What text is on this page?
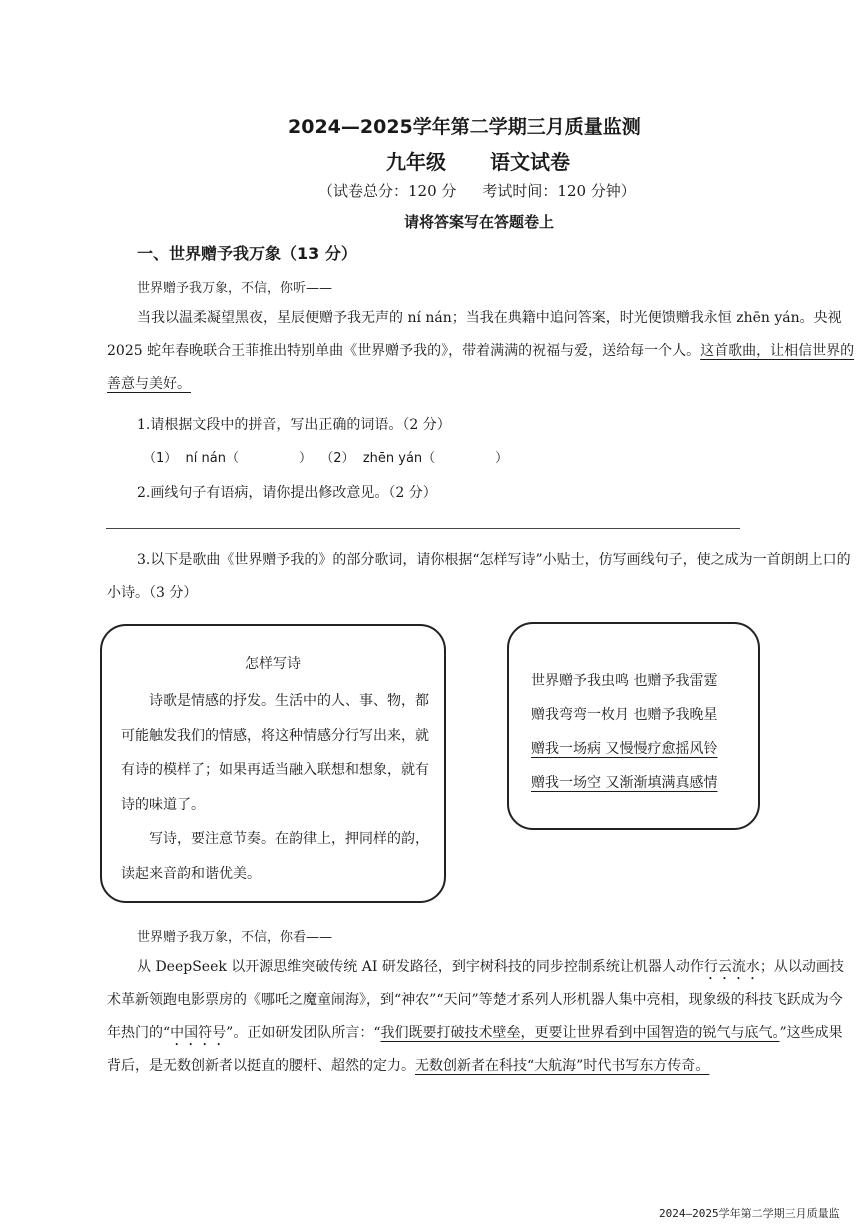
2024—2025学年第二学期三月质量监测
九年级 语文试卷
（试卷总分：120 分 考试时间：120 分钟）
请将答案写在答题卷上
一、世界赠予我万象（13 分）
世界赠予我万象，不信，你听——

当我以温柔凝望黑夜，星辰便赠予我无声的 ní nán；当我在典籍中追问答案，时光便馈赠我永恒 zhēn yán。央视 2025 蛇年春晚联合王菲推出特别单曲《世界赠予我的》，带着满满的祝福与爱，送给每一个人。这首歌曲，让相信世界的善意与美好。

1.请根据文段中的拼音，写出正确的词语。（2 分）
（1） ní nán（	） （2） zhēn yán（	）
2.画线句子有语病，请你提出修改意见。（2 分）

3.以下是歌曲《世界赠予我的》的部分歌词，请你根据“怎样写诗”小贴士，仿写画线句子，使之成为一首朗朗上口的小诗。（3 分）

怎样写诗

诗歌是情感的抒发。生活中的人、事、物，都可能触发我们的情感，将这种情感分行写出来，就有诗的模样了；如果再适当融入联想和想象，就有诗的味道了。

写诗，要注意节奏。在韵律上，押同样的韵，读起来音韵和谐优美。

世界赠予我虫鸣 也赠予我雷霆
赠我弯弯一枚月 也赠予我晚星
赠我一场病 又慢慢疗愈摇风铃
赠我一场空 又渐渐填满真感情
世界赠予我万象，不信，你看——

从 DeepSeek 以开源思维突破传统 AI 研发路径，到宇树科技的同步控制系统让机器人动作行云流水；从以动画技术革新领跑电影票房的《哪吒之魔童闹海》，到“神农”“天问”等楚才系列人形机器人集中亮相，现象级的科技飞跃成为今年热门的“中国符号”。正如研发团队所言：“我们既要打破技术壁垒，更要让世界看到中国智造的锐气与底气。”这些成果背后，是无数创新者以挺直的腰杆、超然的定力。无数创新者在科技“大航海”时代书写东方传奇。

2024—2025学年第二学期三月质量监
